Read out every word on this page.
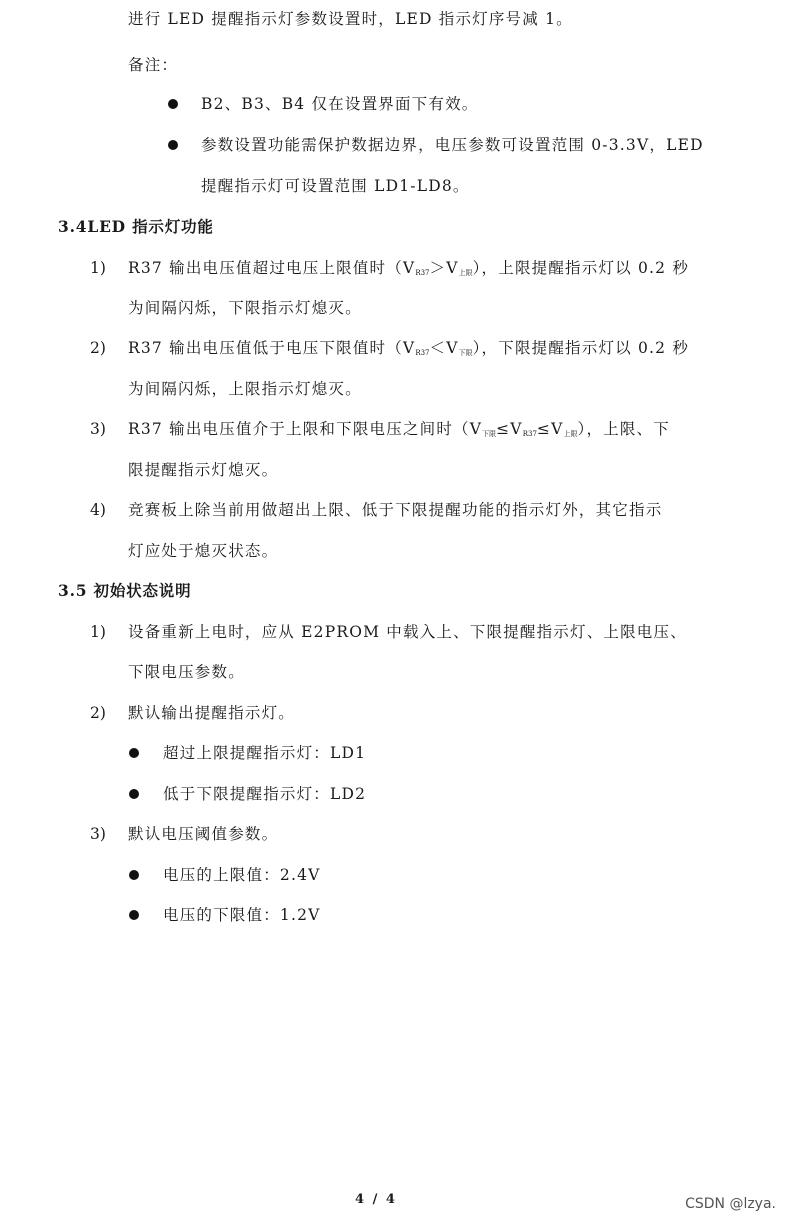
进行 LED 提醒指示灯参数设置时，LED 指示灯序号减 1。
备注：
B2、B3、B4 仅在设置界面下有效。
参数设置功能需保护数据边界，电压参数可设置范围 0-3.3V，LED
提醒指示灯可设置范围 LD1-LD8。
3.4LED 指示灯功能
1) R37 输出电压值超过电压上限值时$(V_{R37}>V_{上限})$，上限提醒指示灯以 0.2 秒
为间隔闪烁，下限指示灯熄灭。
2) R37 输出电压值低于电压下限值时$(V_{R37}<V_{下限})$，下限提醒指示灯以 0.2 秒
为间隔闪烁，上限指示灯熄灭。
3) R37 输出电压值介于上限和下限电压之间时$(V_{下限}\le V_{R37}\le V_{上限})$，上限、下
限提醒指示灯熄灭。
4) 竞赛板上除当前用做超出上限、低于下限提醒功能的指示灯外，其它指示
灯应处于熄灭状态。
3.5 初始状态说明
1) 设备重新上电时，应从 E2PROM 中载入上、下限提醒指示灯、上限电压、
下限电压参数。
2) 默认输出提醒指示灯。
超过上限提醒指示灯：LD1
低于下限提醒指示灯：LD2
3) 默认电压阈值参数。
电压的上限值：2.4V
电压的下限值：1.2V
4 / 4	CSDN @lzya.
